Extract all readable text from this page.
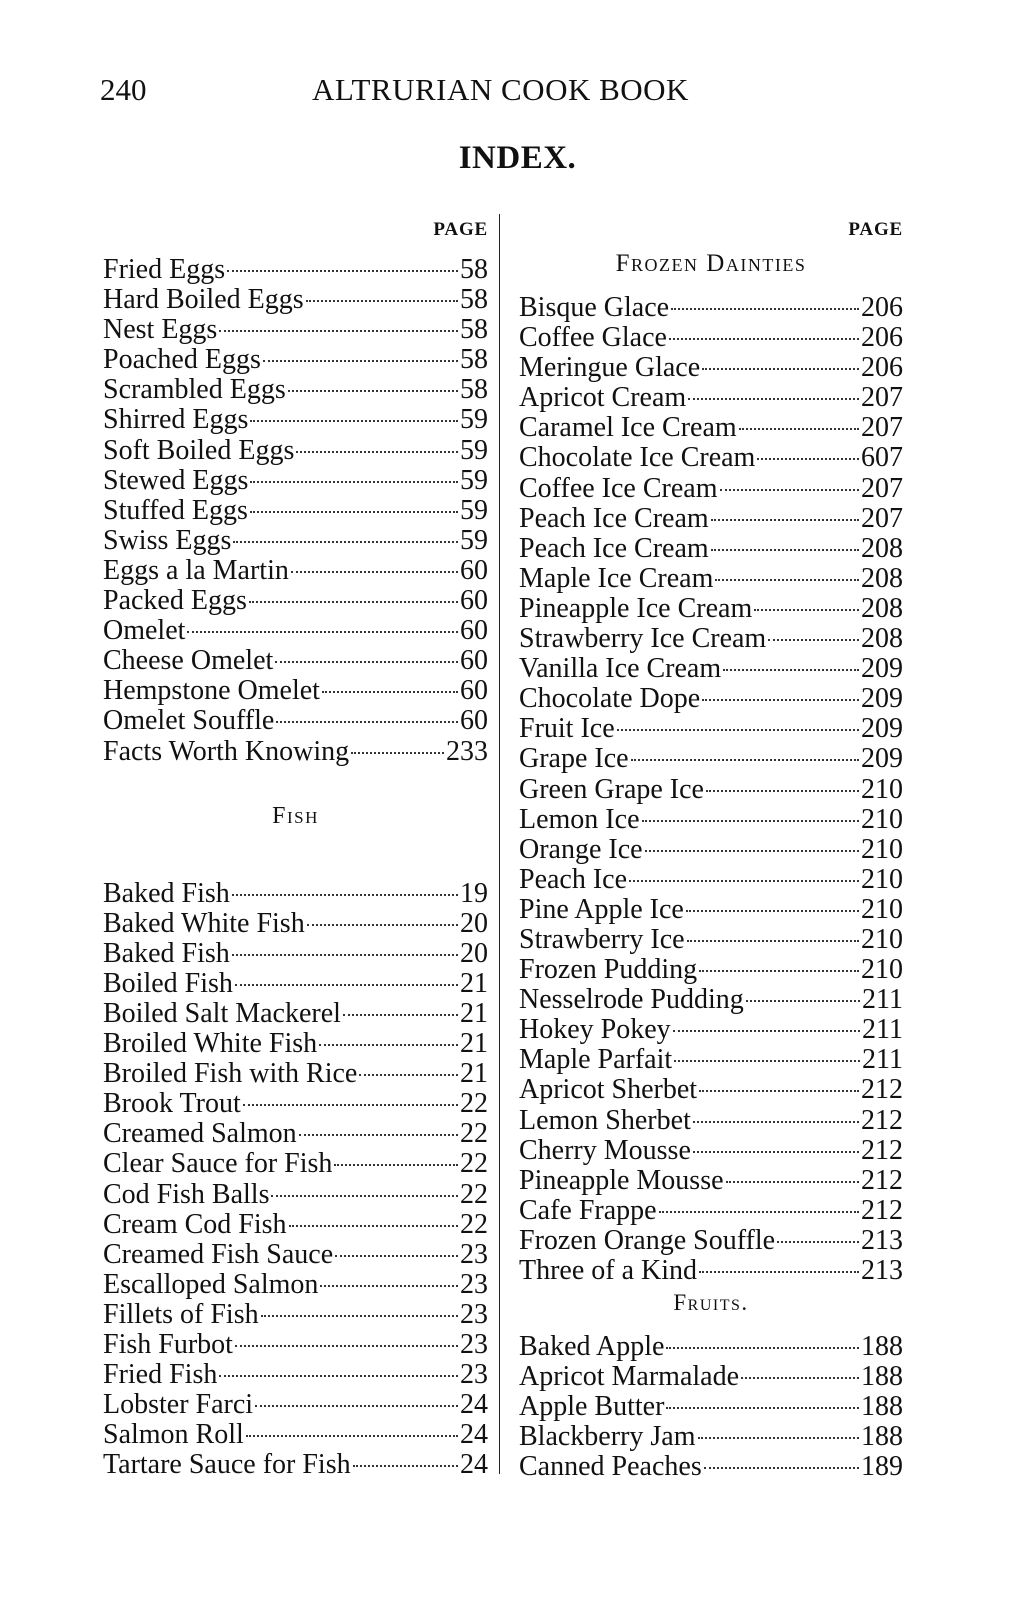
240	ALTRURIAN COOK BOOK
INDEX.
PAGE
Fried Eggs	58
Hard Boiled Eggs	58
Nest Eggs	58
Poached Eggs	58
Scrambled Eggs	58
Shirred Eggs	59
Soft Boiled Eggs	59
Stewed Eggs	59
Stuffed Eggs	59
Swiss Eggs	59
Eggs a la Martin	60
Packed Eggs	60
Omelet	60
Cheese Omelet	60
Hempstone Omelet	60
Omelet Souffle	60
Facts Worth Knowing	233
Fish
Baked Fish	19
Baked White Fish	20
Baked Fish	20
Boiled Fish	21
Boiled Salt Mackerel	21
Broiled White Fish	21
Broiled Fish with Rice	21
Brook Trout	22
Creamed Salmon	22
Clear Sauce for Fish	22
Cod Fish Balls	22
Cream Cod Fish	22
Creamed Fish Sauce	23
Escalloped Salmon	23
Fillets of Fish	23
Fish Furbot	23
Fried Fish	23
Lobster Farci	24
Salmon Roll	24
Tartare Sauce for Fish	24
PAGE
Frozen Dainties
Bisque Glace	206
Coffee Glace	206
Meringue Glace	206
Apricot Cream	207
Caramel Ice Cream	207
Chocolate Ice Cream	607
Coffee Ice Cream	207
Peach Ice Cream	207
Peach Ice Cream	208
Maple Ice Cream	208
Pineapple Ice Cream	208
Strawberry Ice Cream	208
Vanilla Ice Cream	209
Chocolate Dope	209
Fruit Ice	209
Grape Ice	209
Green Grape Ice	210
Lemon Ice	210
Orange Ice	210
Peach Ice	210
Pine Apple Ice	210
Strawberry Ice	210
Frozen Pudding	210
Nesselrode Pudding	211
Hokey Pokey	211
Maple Parfait	211
Apricot Sherbet	212
Lemon Sherbet	212
Cherry Mousse	212
Pineapple Mousse	212
Cafe Frappe	212
Frozen Orange Souffle	213
Three of a Kind	213
Fruits.
Baked Apple	188
Apricot Marmalade	188
Apple Butter	188
Blackberry Jam	188
Canned Peaches	189
